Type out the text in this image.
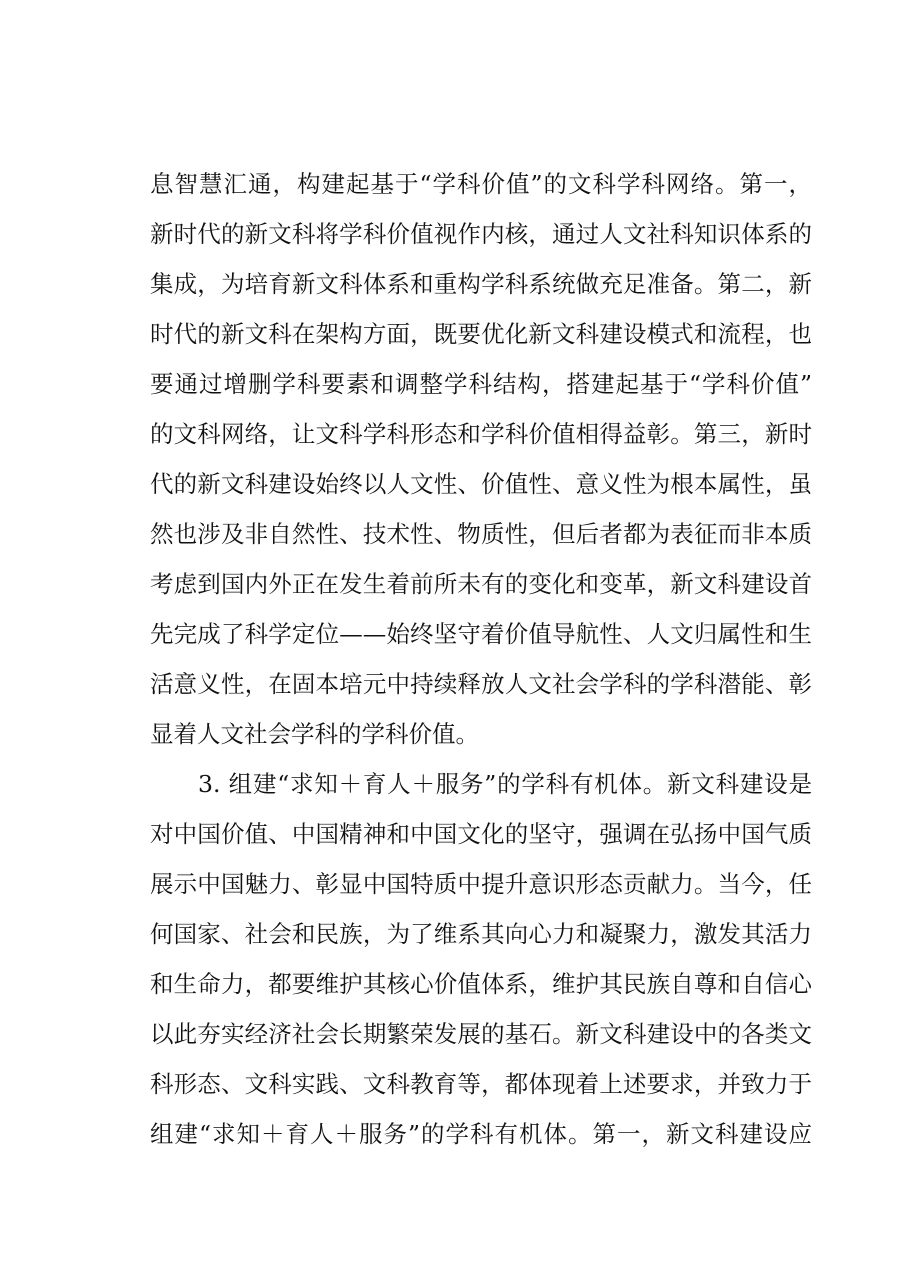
息智慧汇通，构建起基于“学科价值”的文科学科网络。第一，
新时代的新文科将学科价值视作内核，通过人文社科知识体系的
集成，为培育新文科体系和重构学科系统做充足准备。第二，新
时代的新文科在架构方面，既要优化新文科建设模式和流程，也
要通过增删学科要素和调整学科结构，搭建起基于“学科价值”
的文科网络，让文科学科形态和学科价值相得益彰。第三，新时
代的新文科建设始终以人文性、价值性、意义性为根本属性，虽
然也涉及非自然性、技术性、物质性，但后者都为表征而非本质
考虑到国内外正在发生着前所未有的变化和变革，新文科建设首
先完成了科学定位——始终坚守着价值导航性、人文归属性和生
活意义性，在固本培元中持续释放人文社会学科的学科潜能、彰
显着人文社会学科的学科价值。
3. 组建“求知＋育人＋服务”的学科有机体。新文科建设是
对中国价值、中国精神和中国文化的坚守，强调在弘扬中国气质
展示中国魅力、彰显中国特质中提升意识形态贡献力。当今，任
何国家、社会和民族，为了维系其向心力和凝聚力，激发其活力
和生命力，都要维护其核心价值体系，维护其民族自尊和自信心
以此夯实经济社会长期繁荣发展的基石。新文科建设中的各类文
科形态、文科实践、文科教育等，都体现着上述要求，并致力于
组建“求知＋育人＋服务”的学科有机体。第一，新文科建设应
